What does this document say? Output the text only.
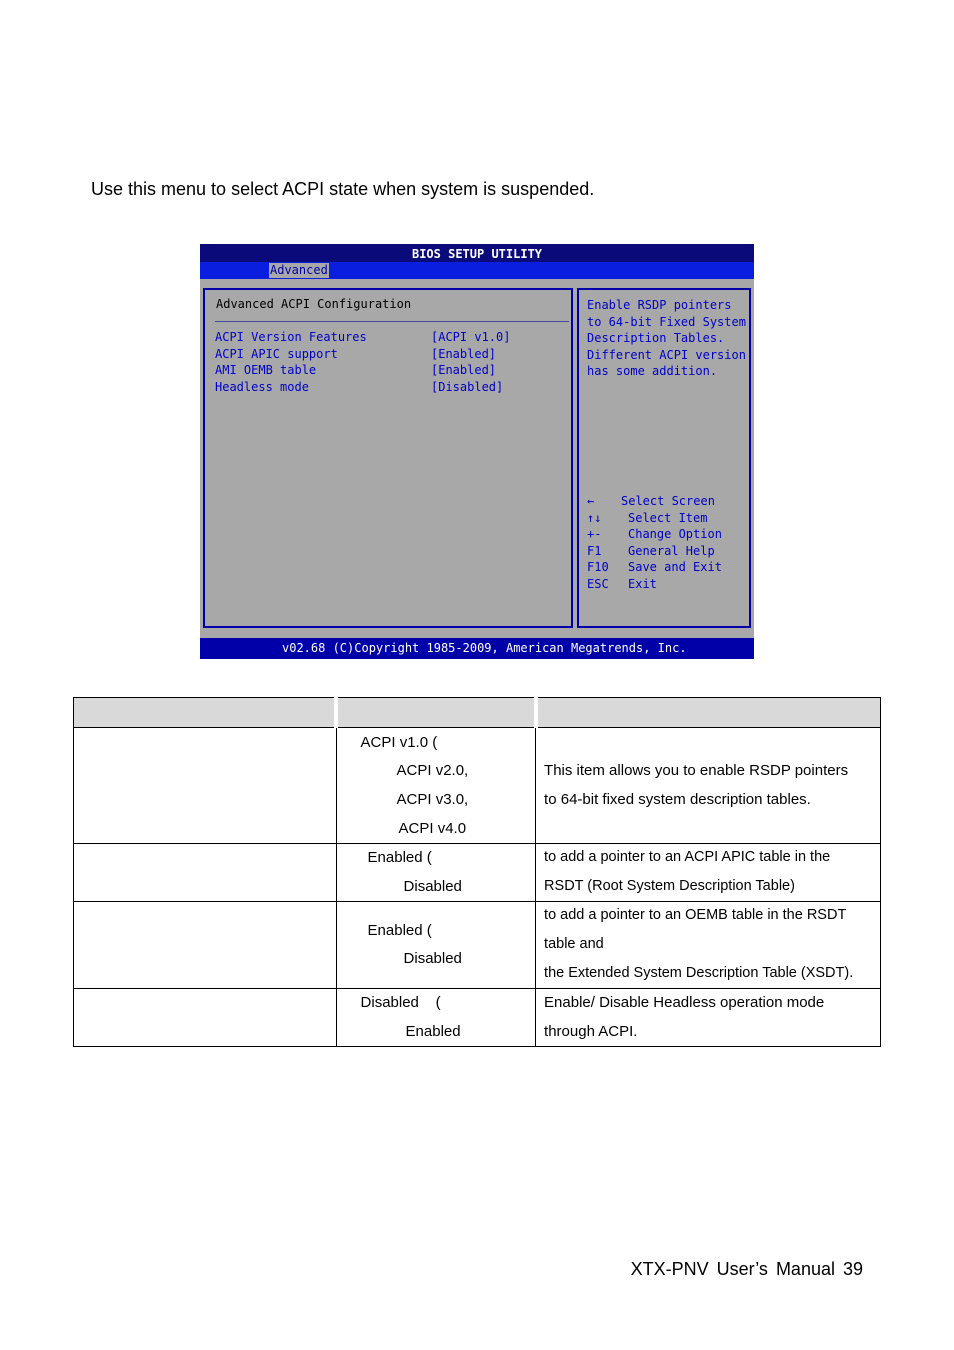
Use this menu to select ACPI state when system is suspended.
BIOS SETUP UTILITY
Advanced
Advanced ACPI Configuration
ACPI Version Features	[ACPI v1.0]
ACPI APIC support	[Enabled]
AMI OEMB table	[Enabled]
Headless mode	[Disabled]
Enable RSDP pointers
to 64-bit Fixed System
Description Tables.
Different ACPI version
has some addition.
← Select Screen
↑↓ Select Item
+- Change Option
F1 General Help
F10 Save and Exit
ESC Exit
v02.68 (C)Copyright 1985-2009, American Megatrends, Inc.

	ACPI v1.0 (
ACPI v2.0,
ACPI v3.0,
ACPI v4.0	This item allows you to enable RSDP pointers
to 64-bit fixed system description tables.

	Enabled (
Disabled	to add a pointer to an ACPI APIC table in the
RSDT (Root System Description Table)

	Enabled (
Disabled	to add a pointer to an OEMB table in the RSDT
table and
the Extended System Description Table (XSDT).

	Disabled    (
Enabled	Enable/ Disable Headless operation mode
through ACPI.
XTX-PNV User’s Manual 39
